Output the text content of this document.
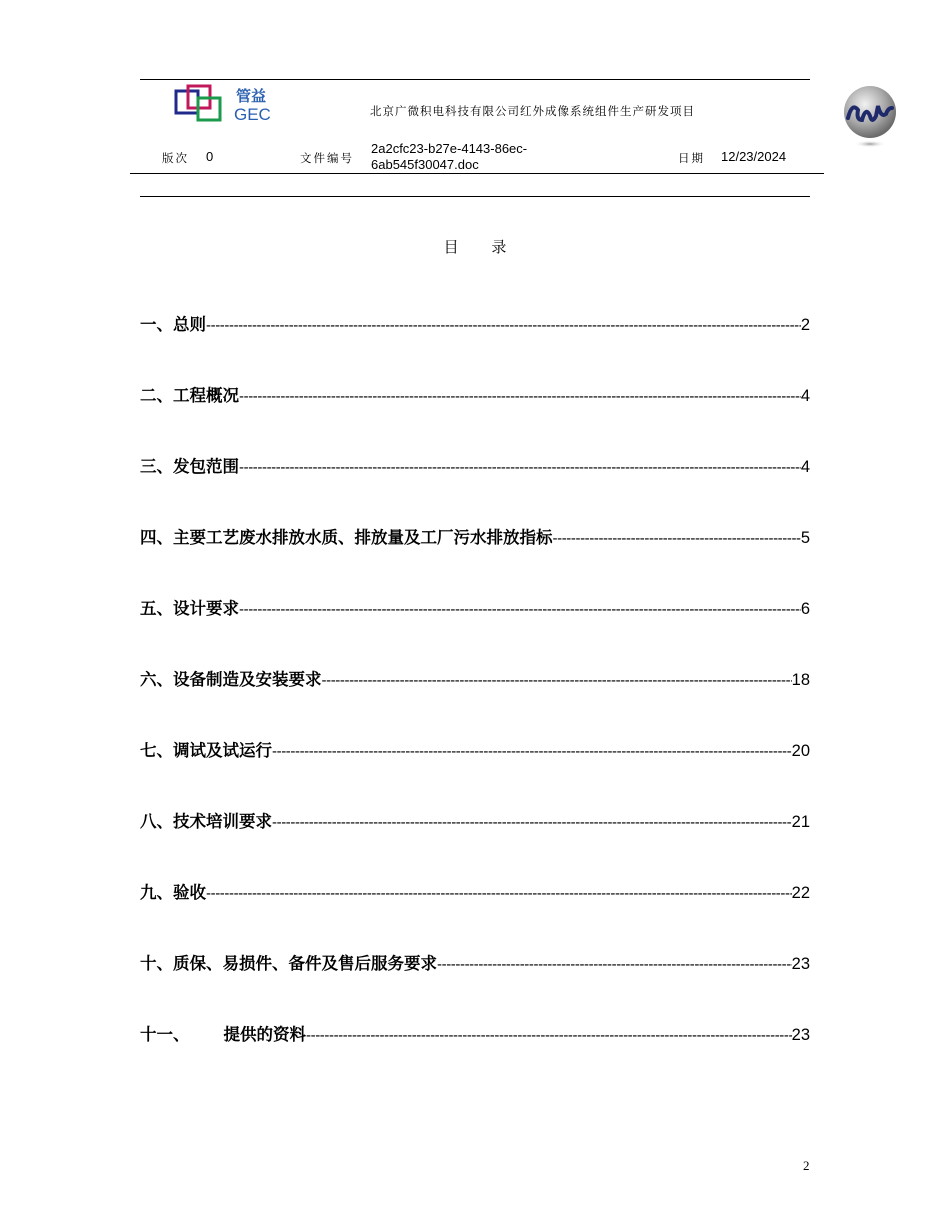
管益
GEC	北京广微积电科技有限公司红外成像系统组件生产研发项目
版次 0	文件编号
2a2cfc23-b27e-4143-86ec-6ab545f30047.doc	日期 12/23/2024
目 录
一、总则 -----	2
二、工程概况 -----	4
三、发包范围 -----	4
四、主要工艺废水排放水质、排放量及工厂污水排放指标 -----	5
五、设计要求 -----	6
六、设备制造及安装要求 -----	18
七、调试及试运行 -----	20
八、技术培训要求 -----	21
九、验收 -----	22
十、质保、易损件、备件及售后服务要求 -----	23
十一、 提供的资料 -----	23
2
